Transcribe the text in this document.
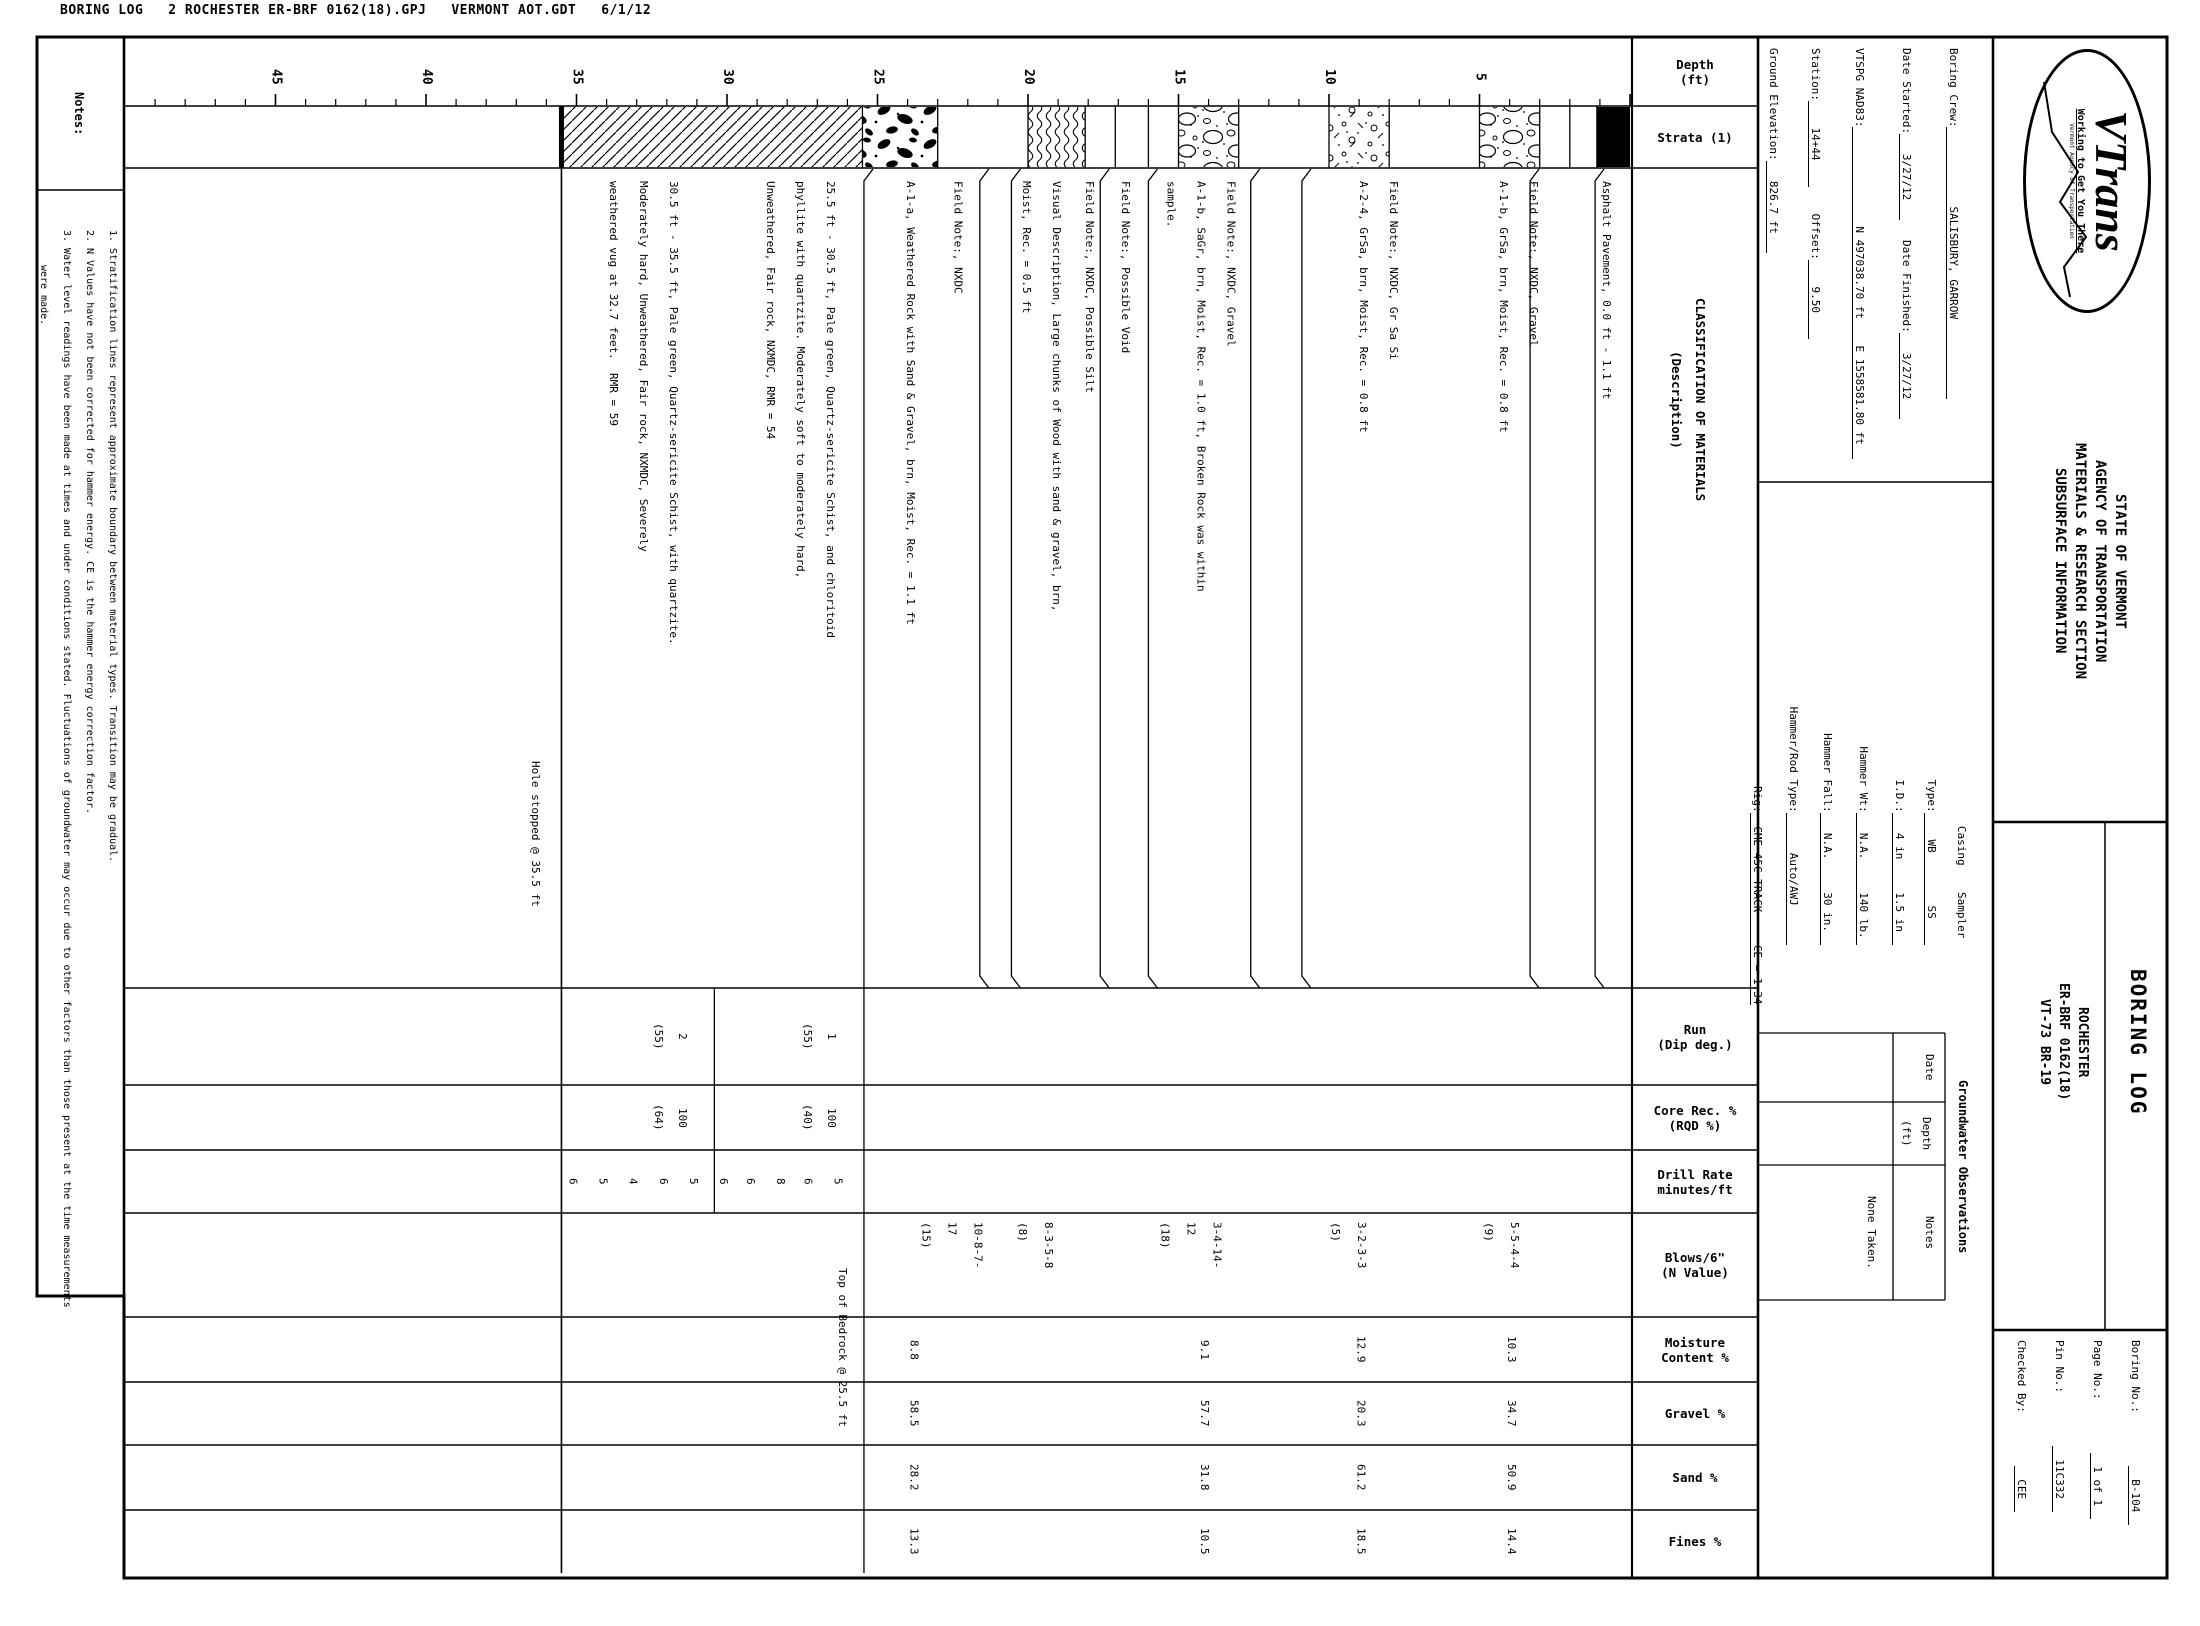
BORING LOG   2 ROCHESTER ER-BRF 0162(18).GPJ   VERMONT AOT.GDT   6/1/12
VTrans
Working to Get You There
Vermont Agency of Transportation
STATE OF VERMONT
AGENCY OF TRANSPORTATION
MATERIALS & RESEARCH SECTION
SUBSURFACE INFORMATION
BORING LOG
ROCHESTER
ER-BRF 0162(18)
VT-73 BR-19
Groundwater Observations
Date
Depth
(ft)
Notes
None Taken.
Notes:
1. Stratification lines represent approximate boundary between material types. Transition may be gradual.
2. N Values have not been corrected for hammer energy. CE is the hammer energy correction factor.
3. Water level readings have been made at times and under conditions stated. Fluctuations of groundwater may occur due to other factors than those present at the time measurements
were made.
Depth
(ft)
Strata (1)
Run
(Dip deg.)
Core Rec. %
(RQD %)
Drill Rate
minutes/ft
Blows/6"
(N Value)
Moisture
Content %
Gravel %
Sand %
Fines %
CLASSIFICATION OF MATERIALS
(Description)
5
10
15
20
25
30
35
40
45
Asphalt Pavement, 0.0 ft - 1.1 ft
Field Note:, NXDC, Gravel
A-1-b, GrSa, brn, Moist, Rec. = 0.8 ft
Field Note:, NXDC, Gr Sa Si
A-2-4, GrSa, brn, Moist, Rec. = 0.8 ft
Field Note:, NXDC, Gravel
A-1-b, SaGr, brn, Moist, Rec. = 1.0 ft, Broken Rock was within
sample.
Field Note:, Possible Void
Field Note:, NXDC, Possible Silt
Visual Description, Large chunks of Wood with sand & gravel, brn,
Moist, Rec. = 0.5 ft
Field Note:, NXDC
A-1-a, Weathered Rock with Sand & Gravel, brn, Moist, Rec. = 1.1 ft
25.5 ft - 30.5 ft, Pale green, Quartz-sericite Schist, and chloritoid
phyllite with quartzite. Moderately soft to moderately hard,
Unweathered, Fair rock, NXMDC, RMR = 54
30.5 ft - 35.5 ft, Pale green, Quartz-sericite Schist, with quartzite.
Moderately hard, Unweathered, Fair rock, NXMDC, Severely
weathered vug at 32.7 feet.  RMR = 59
Hole stopped @ 35.5 ft
Top of Bedrock @ 25.5 ft
1
(55)
2
(55)
100
(40)
100
(64)
5
6
8
6
6
5
6
4
5
6
5-5-4-4
(9)
3-2-3-3
(5)
3-4-14-
12
(18)
8-3-5-8
(8)
10-8-7-
17
(15)
10.3
12.9
9.1
8.8
34.7
20.3
57.7
58.5
50.9
61.2
31.8
28.2
14.4
18.5
10.5
13.3
Boring Crew:            SALISBURY, GARROW
Date Started:   3/27/12      Date Finished:   3/27/12
VTSPG NAD83:               N 497038.70 ft    E 1558581.80 ft
Station:    14+44        Offset:    9.50
Ground Elevation:   826.7 ft
Casing    Sampler
Type:    WB        SS
I.D.:   4 in     1.5 in
Hammer Wt:   N.A.     140 lb.
Hammer Fall:   N.A.     30 in.
Hammer/Rod Type:      Auto/AWJ
Rig:  CME 45C TRACK     CE = 1.34
Boring No.:          B-104
Page No.:          1 of 1
Pin No.:          11C332
Checked By:          CEE
